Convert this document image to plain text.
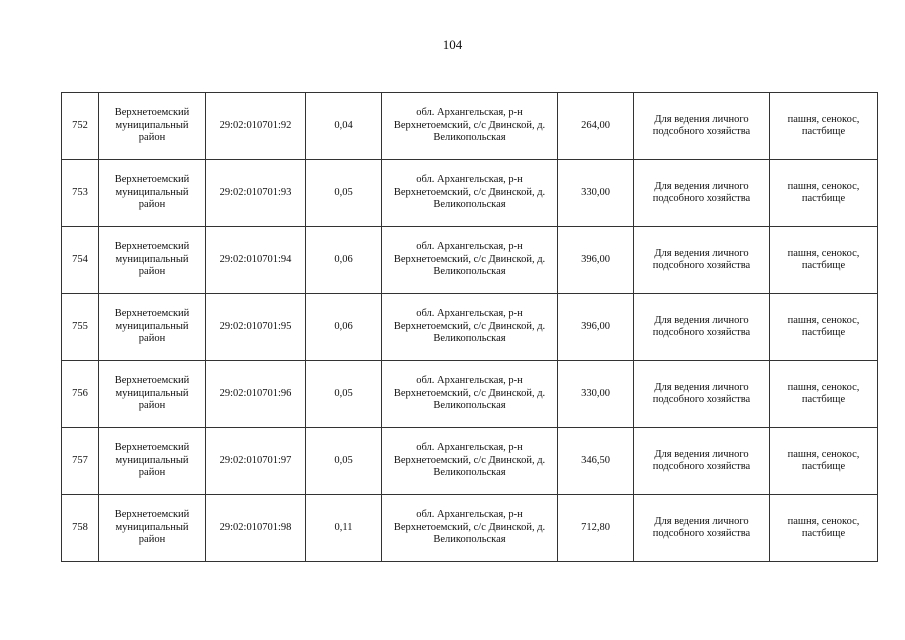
104
752	Верхнетоемский муниципальный район	29:02:010701:92	0,04	обл. Архангельская, р-н Верхнетоемский, с/с Двинской, д. Великопольская	264,00	Для ведения личного подсобного хозяйства	пашня, сенокос, пастбище
753	Верхнетоемский муниципальный район	29:02:010701:93	0,05	обл. Архангельская, р-н Верхнетоемский, с/с Двинской, д. Великопольская	330,00	Для ведения личного подсобного хозяйства	пашня, сенокос, пастбище
754	Верхнетоемский муниципальный район	29:02:010701:94	0,06	обл. Архангельская, р-н Верхнетоемский, с/с Двинской, д. Великопольская	396,00	Для ведения личного подсобного хозяйства	пашня, сенокос, пастбище
755	Верхнетоемский муниципальный район	29:02:010701:95	0,06	обл. Архангельская, р-н Верхнетоемский, с/с Двинской, д. Великопольская	396,00	Для ведения личного подсобного хозяйства	пашня, сенокос, пастбище
756	Верхнетоемский муниципальный район	29:02:010701:96	0,05	обл. Архангельская, р-н Верхнетоемский, с/с Двинской, д. Великопольская	330,00	Для ведения личного подсобного хозяйства	пашня, сенокос, пастбище
757	Верхнетоемский муниципальный район	29:02:010701:97	0,05	обл. Архангельская, р-н Верхнетоемский, с/с Двинской, д. Великопольская	346,50	Для ведения личного подсобного хозяйства	пашня, сенокос, пастбище
758	Верхнетоемский муниципальный район	29:02:010701:98	0,11	обл. Архангельская, р-н Верхнетоемский, с/с Двинской, д. Великопольская	712,80	Для ведения личного подсобного хозяйства	пашня, сенокос, пастбище
